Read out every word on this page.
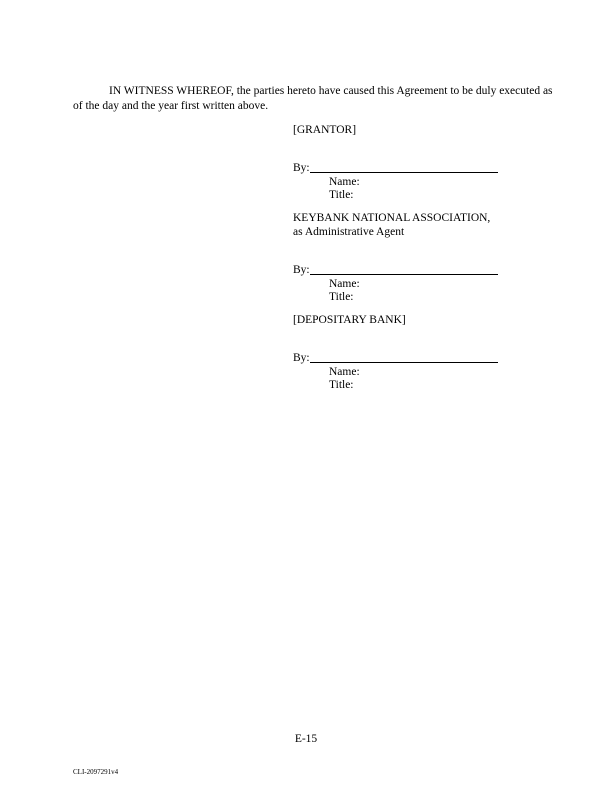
IN WITNESS WHEREOF, the parties hereto have caused this Agreement to be duly executed as
of the day and the year first written above.

[GRANTOR]

By:
Name:
Title:

KEYBANK NATIONAL ASSOCIATION,

as Administrative Agent

By:
Name:
Title:

[DEPOSITARY BANK]

By:
Name:
Title:
E-15
CLI-2097291v4
